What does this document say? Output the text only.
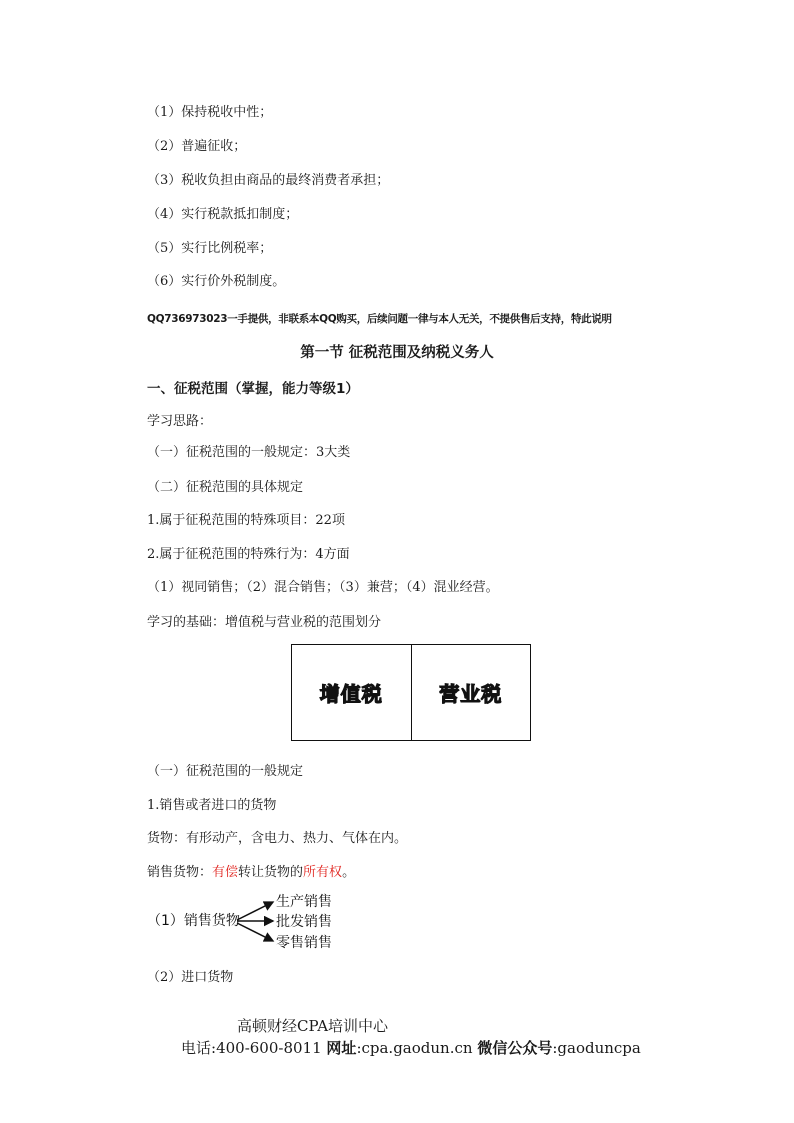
（1）保持税收中性；
（2）普遍征收；
（3）税收负担由商品的最终消费者承担；
（4）实行税款抵扣制度；
（5）实行比例税率；
（6）实行价外税制度。
QQ736973023一手提供，非联系本QQ购买，后续问题一律与本人无关，不提供售后支持，特此说明
第一节 征税范围及纳税义务人
一、征税范围（掌握，能力等级1）
学习思路：
（一）征税范围的一般规定：3大类
（二）征税范围的具体规定
1.属于征税范围的特殊项目：22项
2.属于征税范围的特殊行为：4方面
（1）视同销售；（2）混合销售；（3）兼营；（4）混业经营。
学习的基础：增值税与营业税的范围划分
增值税	营业税
（一）征税范围的一般规定
1.销售或者进口的货物
货物：有形动产，含电力、热力、气体在内。
销售货物：有偿转让货物的所有权。
（1）销售货物
生产销售
批发销售
零售销售
（2）进口货物
高顿财经CPA培训中心
电话:400-600-8011 网址:cpa.gaodun.cn 微信公众号:gaoduncpa
